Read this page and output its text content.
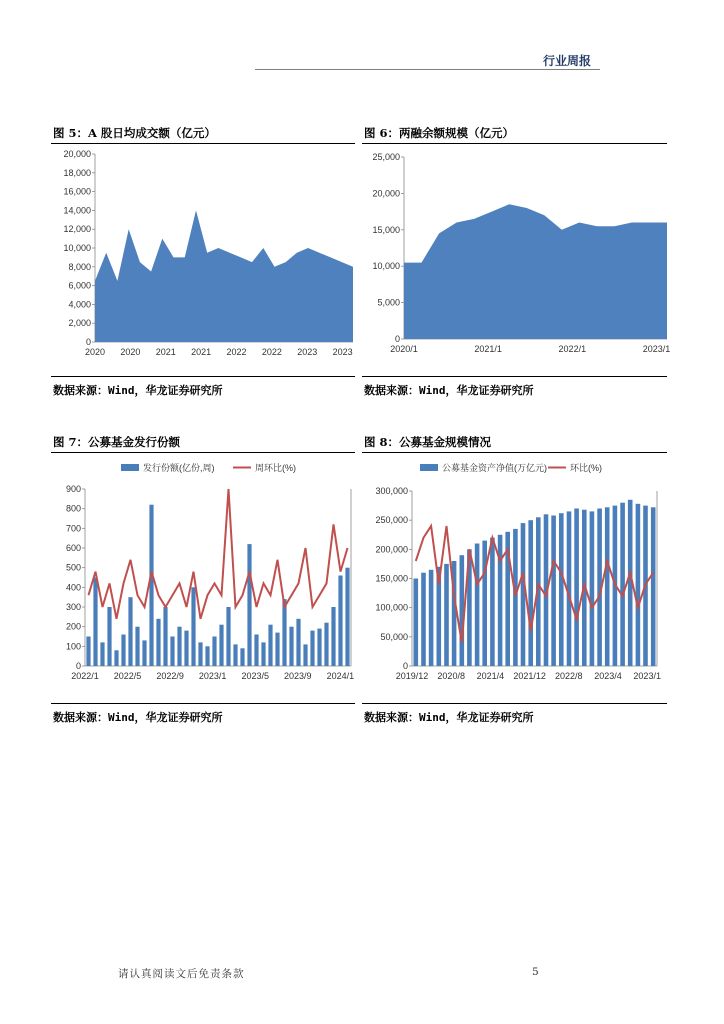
行业周报
图 5：A 股日均成交额（亿元）
0
2,000
4,000
6,000
8,000
10,000
12,000
14,000
16,000
18,000
20,000
2020 2020 2021 2021 2022 2022 2023 2023
数据来源：Wind，华龙证券研究所
图 6：两融余额规模（亿元）
0
5,000
10,000
15,000
20,000
25,000
2020/1	2021/1	2022/1	2023/1
数据来源：Wind，华龙证券研究所
图 7：公募基金发行份额
0
100
200
300
400
500
600
700
800
900
2022/1 2022/5 2022/9 2023/1 2023/5 2023/9 2024/1
发行份额(亿份,周)	周环比(%)
数据来源：Wind，华龙证券研究所
图 8：公募基金规模情况
0
50,000
100,000
150,000
200,000
250,000
300,000
2019/12 2020/8 2021/4 2021/12 2022/8 2023/4 2023/1
公募基金资产净值(万亿元)	环比(%)
数据来源：Wind，华龙证券研究所
请认真阅读文后免责条款	5
